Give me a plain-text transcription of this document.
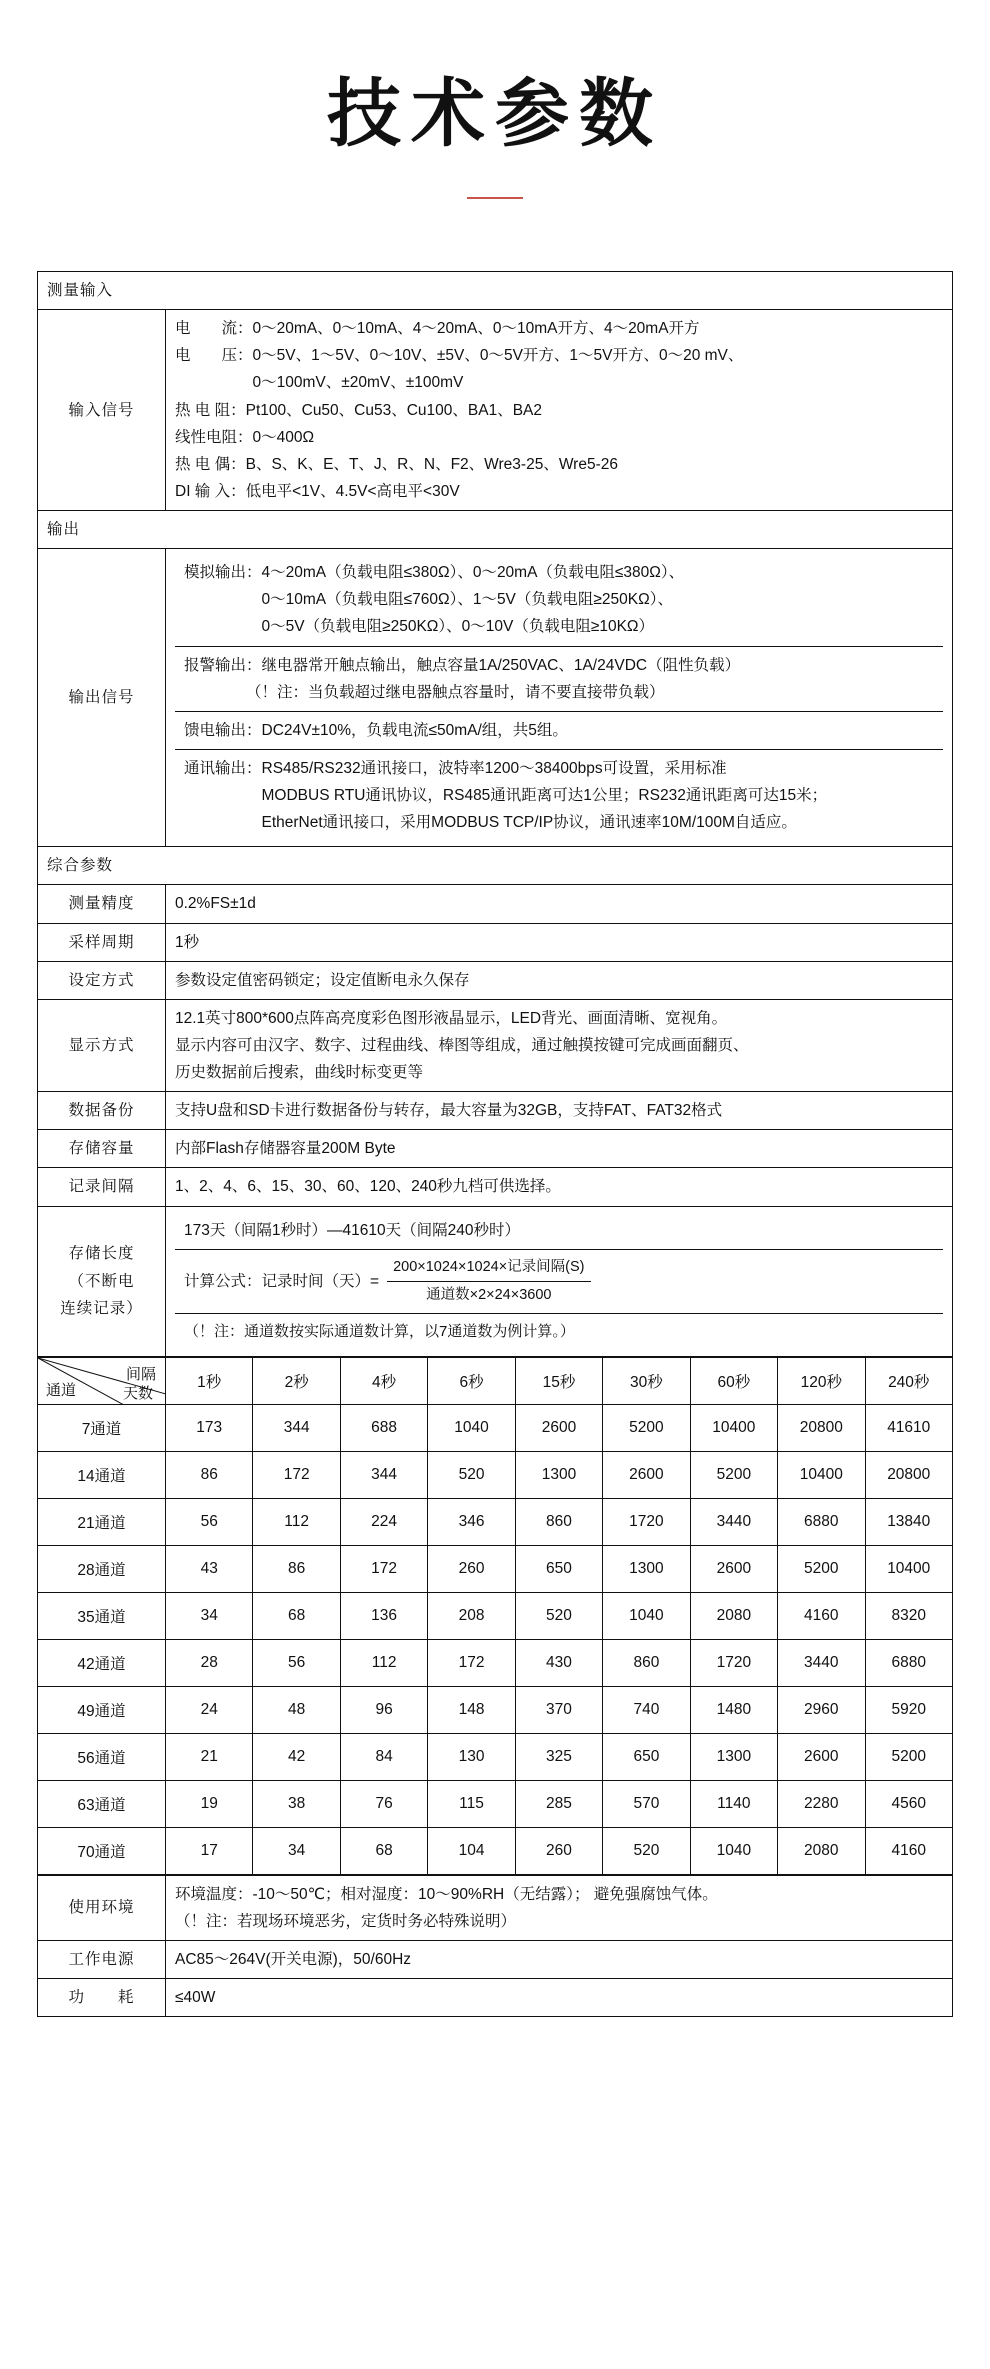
技术参数
测量输入
输入信号	
电　　流：0～20mA、0～10mA、4～20mA、0～10mA开方、4～20mA开方
电　　压：0～5V、1～5V、0～10V、±5V、0～5V开方、1～5V开方、0～20 mV、
　　　　　0～100mV、±20mV、±100mV
热 电 阻：Pt100、Cu50、Cu53、Cu100、BA1、BA2
线性电阻：0～400Ω
热 电 偶：B、S、K、E、T、J、R、N、F2、Wre3-25、Wre5-26
DI 输 入：低电平<1V、4.5V<高电平<30V

输出
输出信号	
模拟输出：4～20mA（负载电阻≤380Ω）、0～20mA（负载电阻≤380Ω）、
　　　　　0～10mA（负载电阻≤760Ω）、1～5V（负载电阻≥250KΩ）、
　　　　　0～5V（负载电阻≥250KΩ）、0～10V（负载电阻≥10KΩ）

报警输出：继电器常开触点输出，触点容量1A/250VAC、1A/24VDC（阻性负载）
（！注：当负载超过继电器触点容量时，请不要直接带负载）

馈电输出：DC24V±10%，负载电流≤50mA/组，共5组。

通讯输出：RS485/RS232通讯接口，波特率1200～38400bps可设置，采用标准
　　　　　MODBUS RTU通讯协议，RS485通讯距离可达1公里；RS232通讯距离可达15米；
　　　　　EtherNet通讯接口，采用MODBUS TCP/IP协议，通讯速率10M/100M自适应。

综合参数
测量精度	0.2%FS±1d
采样周期	1秒
设定方式	参数设定值密码锁定；设定值断电永久保存
显示方式	
12.1英寸800*600点阵高亮度彩色图形液晶显示，LED背光、画面清晰、宽视角。
显示内容可由汉字、数字、过程曲线、棒图等组成，通过触摸按键可完成画面翻页、
历史数据前后搜索，曲线时标变更等

数据备份	支持U盘和SD卡进行数据备份与转存，最大容量为32GB，支持FAT、FAT32格式
存储容量	内部Flash存储器容量200M Byte
记录间隔	1、2、4、6、15、30、60、120、240秒九档可供选择。

存储长度
（不断电
连续记录）

173天（间隔1秒时）—41610天（间隔240秒时）

计算公式：记录时间（天）= $\frac{\text{200×1024×1024×记录间隔(S)}}{\text{通道数×2×24×3600}}$

（！注：通道数按实际通道数计算，以7通道数为例计算。）
间隔
通道 天数	1秒	2秒	4秒	6秒	15秒	30秒	60秒	120秒	240秒

7通道	173	344	688	1040	2600	5200	10400	20800	41610
14通道	86	172	344	520	1300	2600	5200	10400	20800
21通道	56	112	224	346	860	1720	3440	6880	13840
28通道	43	86	172	260	650	1300	2600	5200	10400
35通道	34	68	136	208	520	1040	2080	4160	8320
42通道	28	56	112	172	430	860	1720	3440	6880
49通道	24	48	96	148	370	740	1480	2960	5920
56通道	21	42	84	130	325	650	1300	2600	5200
63通道	19	38	76	115	285	570	1140	2280	4560
70通道	17	34	68	104	260	520	1040	2080	4160
使用环境	环境温度：-10～50℃；相对湿度：10～90%RH（无结露）； 避免强腐蚀气体。
（！注：若现场环境恶劣，定货时务必特殊说明）

工作电源	AC85～264V(开关电源)，50/60Hz
功　　耗	≤40W
